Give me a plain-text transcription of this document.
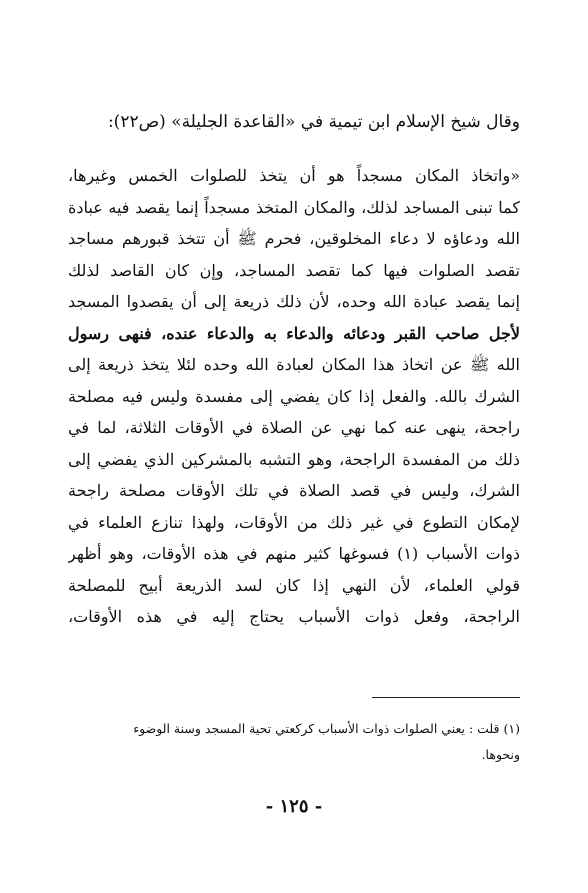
وقال شيخ الإسلام ابن تيمية في «القاعدة الجليلة» (ص٢٢):
«واتخاذ المكان مسجداً هو أن يتخذ للصلوات الخمس وغيرها،
كما تبنى المساجد لذلك، والمكان المتخذ مسجداً إنما يقصد فيه عبادة
الله ودعاؤه لا دعاء المخلوقين، فحرم ﷺ أن تتخذ قبورهم مساجد
تقصد الصلوات فيها كما تقصد المساجد، وإن كان القاصد لذلك
إنما يقصد عبادة الله وحده، لأن ذلك ذريعة إلى أن يقصدوا المسجد
لأجل صاحب القبر ودعائه والدعاء به والدعاء عنده، فنهى رسول
الله ﷺ عن اتخاذ هذا المكان لعبادة الله وحده لئلا يتخذ ذريعة إلى
الشرك بالله. والفعل إذا كان يفضي إلى مفسدة وليس فيه مصلحة
راجحة، ينهى عنه كما نهي عن الصلاة في الأوقات الثلاثة، لما في
ذلك من المفسدة الراجحة، وهو التشبه بالمشركين الذي يفضي إلى
الشرك، وليس في قصد الصلاة في تلك الأوقات مصلحة راجحة
لإمكان التطوع في غير ذلك من الأوقات، ولهذا تنازع العلماء في
ذوات الأسباب (١) فسوغها كثير منهم في هذه الأوقات، وهو أظهر
قولي العلماء، لأن النهي إذا كان لسد الذريعة أبيح للمصلحة
الراجحة، وفعل ذوات الأسباب يحتاج إليه في هذه الأوقات،
(١) قلت : يعني الصلوات ذوات الأسباب كركعتي تحية المسجد وسنة الوضوء
ونحوها.
- ١٢٥ -
